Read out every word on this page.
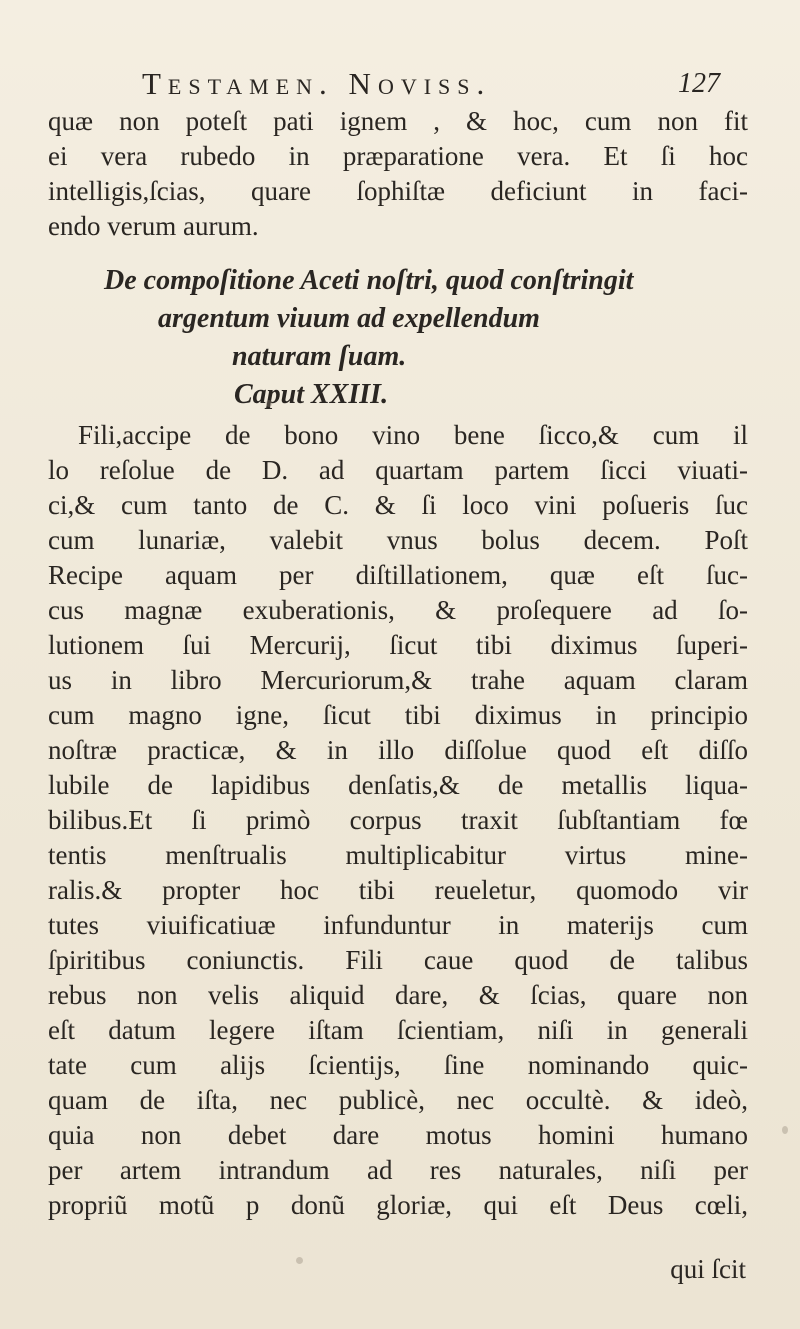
Testamen. Noviss.	127
quæ non poteſt pati ignem , & hoc, cum non fit
ei vera rubedo in præparatione vera. Et ſi hoc
intelligis,ſcias, quare ſophiſtæ deficiunt in faci-
endo verum aurum.
De compoſitione Aceti noſtri, quod conſtringit
argentum viuum ad expellendum
naturam ſuam.
Caput XXIII.
Fili,accipe de bono vino bene ſicco,& cum il
lo reſolue de D. ad quartam partem ſicci viuati-
ci,& cum tanto de C. & ſi loco vini poſueris ſuc
cum lunariæ, valebit vnus bolus decem. Poſt
Recipe aquam per diſtillationem, quæ eſt ſuc-
cus magnæ exuberationis, & proſequere ad ſo-
lutionem ſui Mercurij, ſicut tibi diximus ſuperi-
us in libro Mercuriorum,& trahe aquam claram
cum magno igne, ſicut tibi diximus in principio
noſtræ practicæ, & in illo diſſolue quod eſt diſſo
lubile de lapidibus denſatis,& de metallis liqua-
bilibus.Et ſi primò corpus traxit ſubſtantiam fœ
tentis menſtrualis multiplicabitur virtus mine-
ralis.& propter hoc tibi reueletur, quomodo vir
tutes viuificatiuæ infunduntur in materijs cum
ſpiritibus coniunctis. Fili caue quod de talibus
rebus non velis aliquid dare, & ſcias, quare non
eſt datum legere iſtam ſcientiam, niſi in generali
tate cum alijs ſcientijs, ſine nominando quic-
quam de iſta, nec publicè, nec occultè. & ideò,
quia non debet dare motus homini humano
per artem intrandum ad res naturales, niſi per
propriũ motũ p donũ gloriæ, qui eſt Deus cœli,
qui ſcit
